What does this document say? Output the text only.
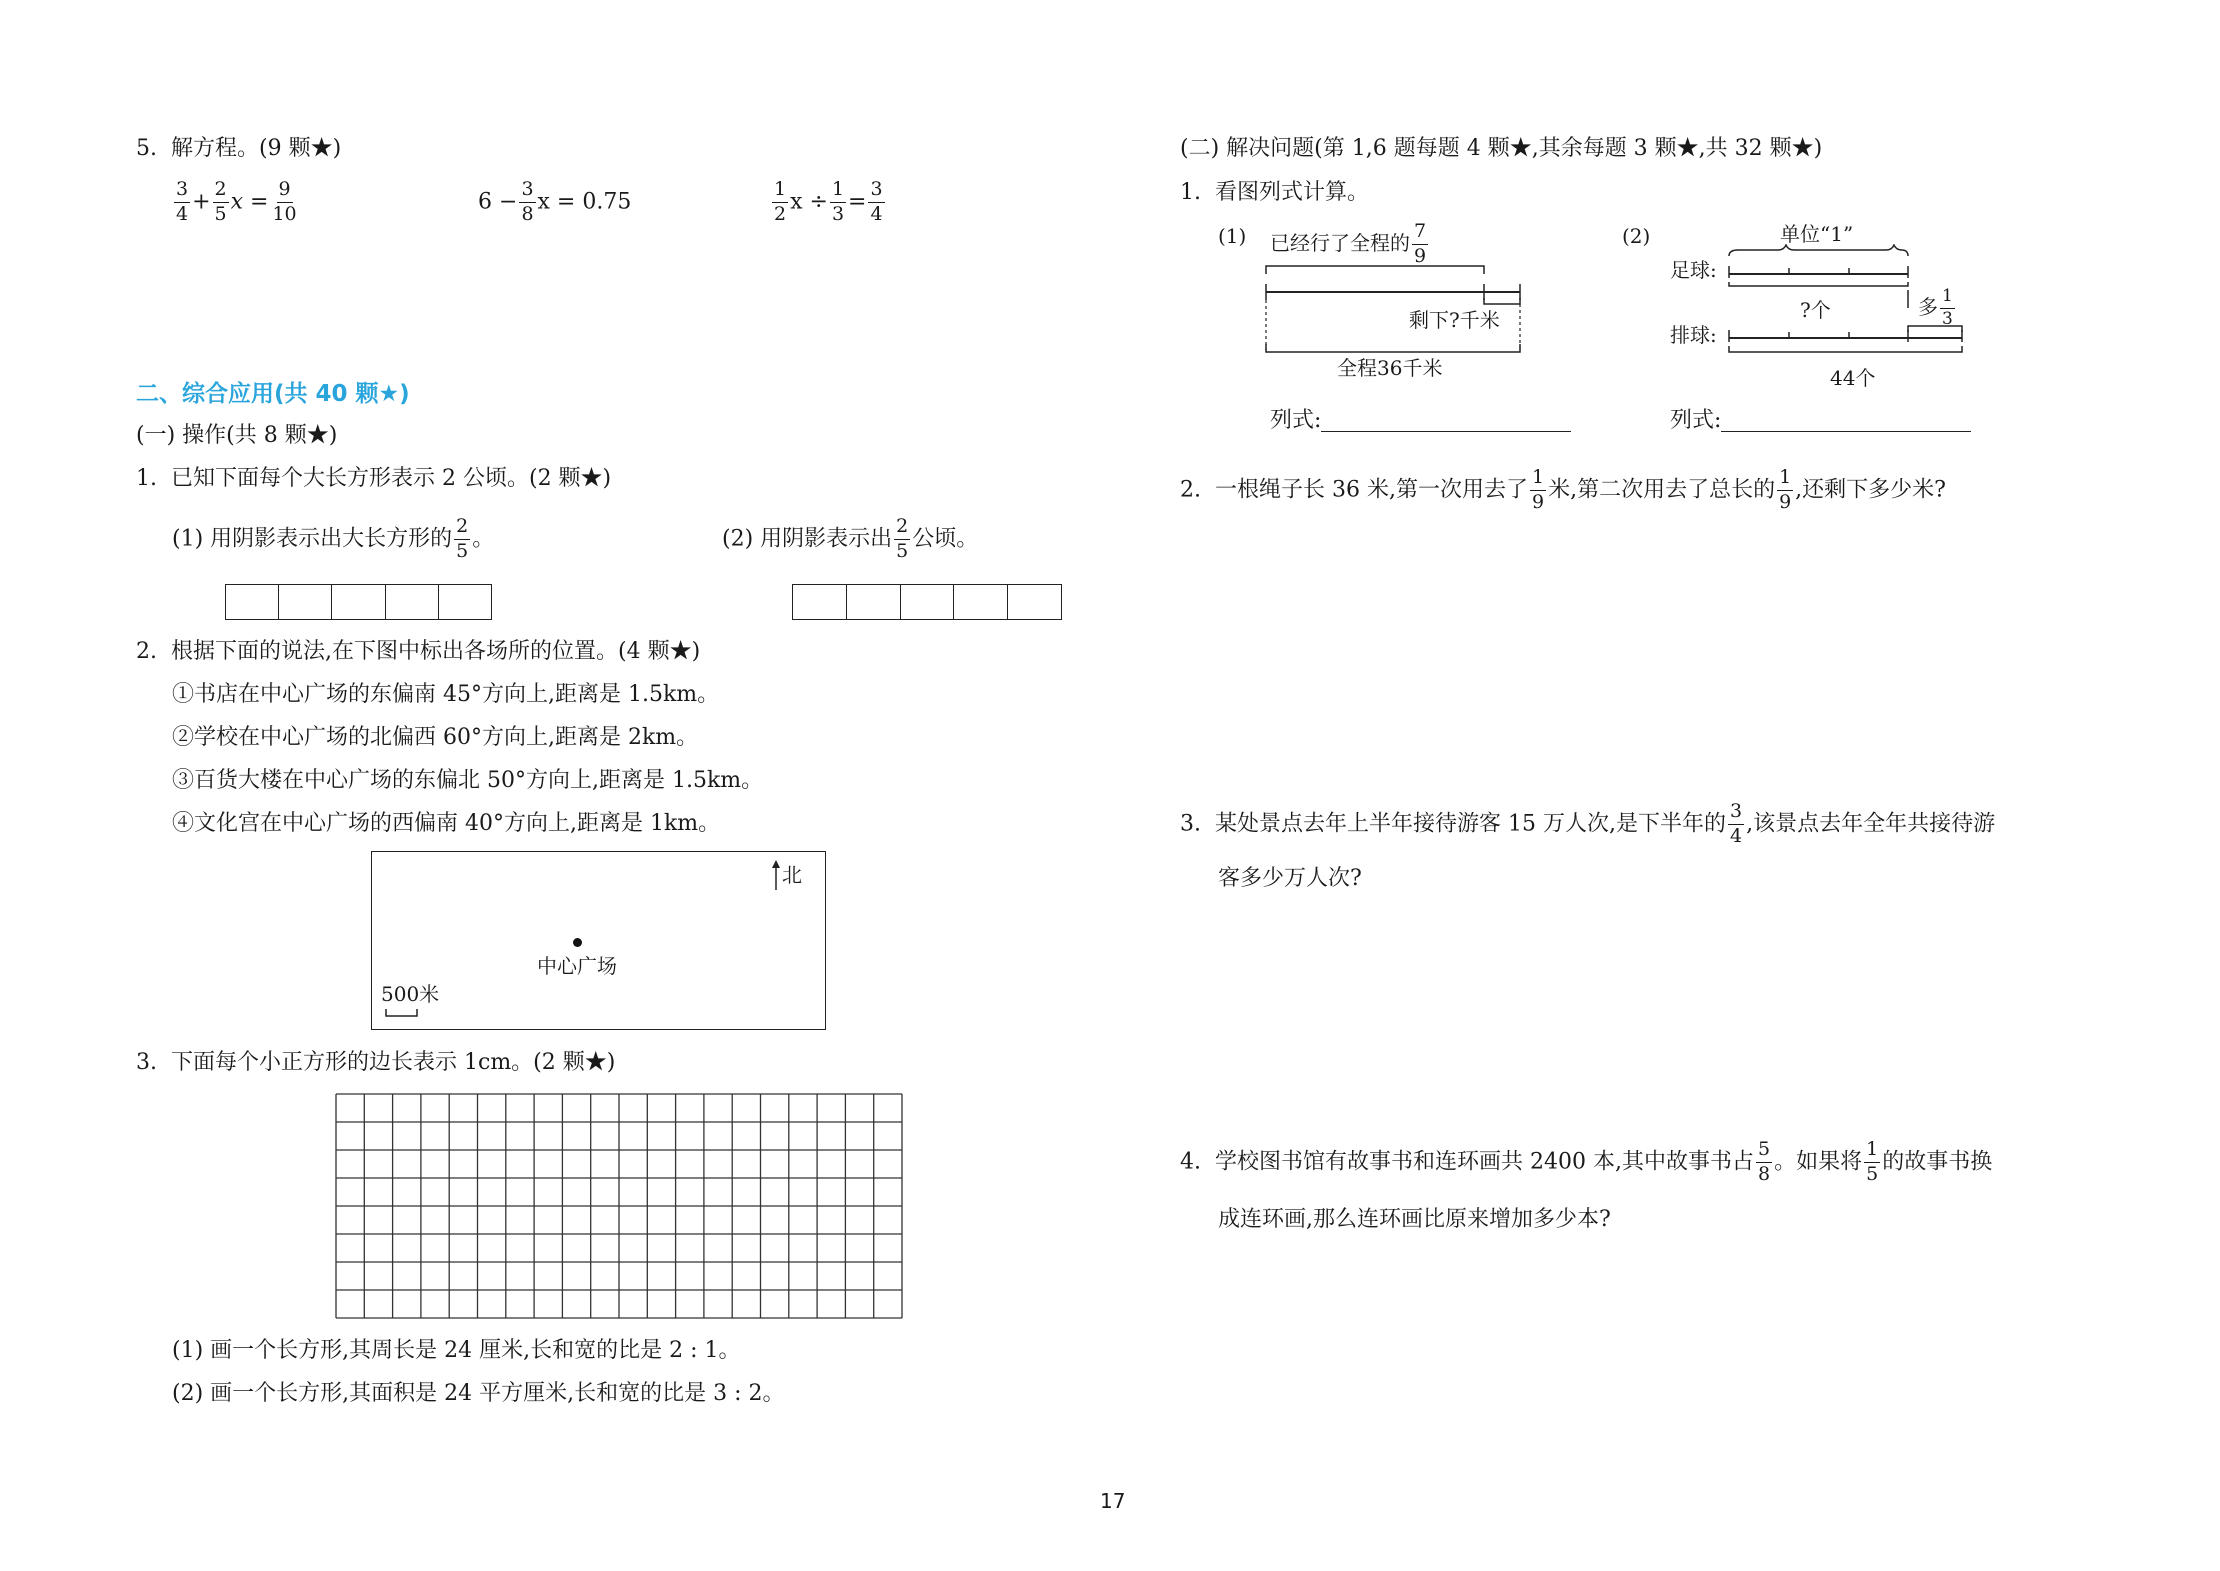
5. 解方程。(9 颗★)
$\frac{3}{4} + \frac{2}{5}$ $x = \frac{9}{10}$	$6 - \frac{3}{8}$ x = 0.75	$\frac{1}{2}$ $x \div \frac{1}{3} = \frac{3}{4}$
二、综合应用(共 40 颗★)
(一) 操作(共 8 颗★)
1. 已知下面每个大长方形表示 2 公顷。(2 颗★)
(1) 用阴影表示出大长方形的 $\frac{2}{5}$ 。	(2) 用阴影表示出 $\frac{2}{5}$ 公顷。
2. 根据下面的说法,在下图中标出各场所的位置。(4 颗★)
①书店在中心广场的东偏南 45°方向上,距离是 1.5km。
②学校在中心广场的北偏西 60°方向上,距离是 2km。
③百货大楼在中心广场的东偏北 50°方向上,距离是 1.5km。
④文化宫在中心广场的西偏南 40°方向上,距离是 1km。
北
中心广场
500米
3. 下面每个小正方形的边长表示 1cm。(2 颗★)
(1) 画一个长方形,其周长是 24 厘米,长和宽的比是 2 : 1。
(2) 画一个长方形,其面积是 24 平方厘米,长和宽的比是 3 : 2。
(二) 解决问题(第 1,6 题每题 4 颗★,其余每题 3 颗★,共 32 颗★)
1. 看图列式计算。
(1) 已经行了全程的 $\frac{7}{9}$
剩下?千米
全程36千米
(2)	单位“1”
足球:
排球:
?个	多 $\frac{1}{3}$
44个
列式:	列式:
2. 一根绳子长 36 米,第一次用去了 $\frac{1}{9}$ 米,第二次用去了总长的 $\frac{1}{9}$ ,还剩下多少米?
3. 某处景点去年上半年接待游客 15 万人次,是下半年的 $\frac{3}{4}$ ,该景点去年全年共接待游
客多少万人次?
4. 学校图书馆有故事书和连环画共 2400 本,其中故事书占 $\frac{5}{8}$ 。如果将 $\frac{1}{5}$ 的故事书换
成连环画,那么连环画比原来增加多少本?
17
